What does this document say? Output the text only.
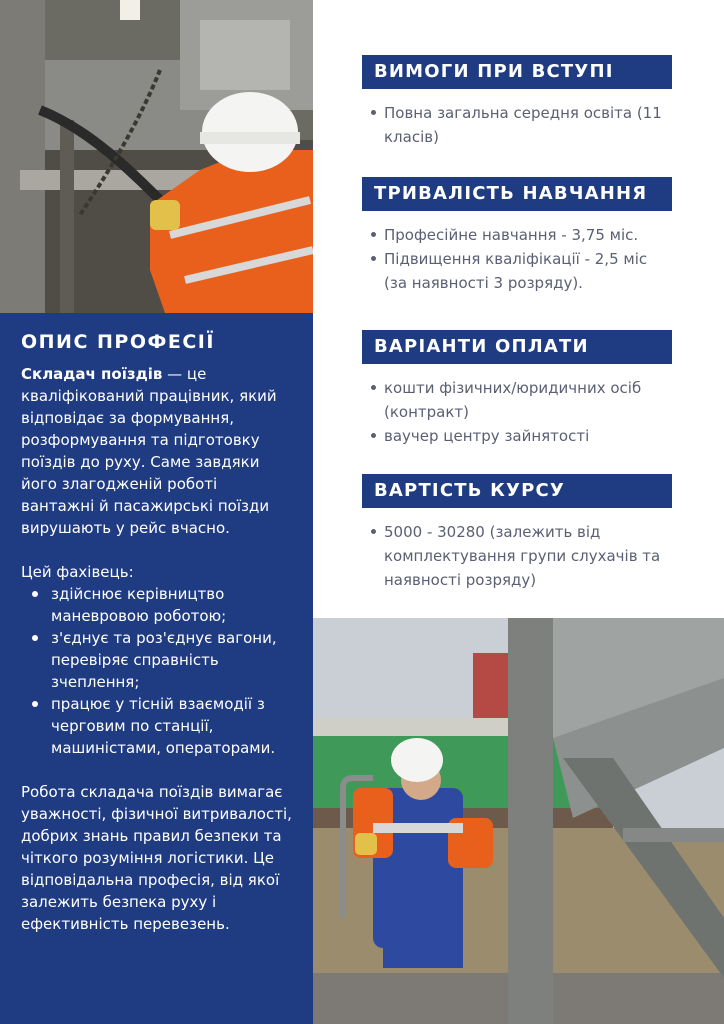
ОПИС ПРОФЕСІЇ

Складач поїздів — це кваліфікований працівник, який відповідає за формування, розформування та підготовку поїздів до руху. Саме завдяки його злагодженій роботі вантажні й пасажирські поїзди вирушають у рейс вчасно.

Цей фахівець:

здійснює керівництво маневровою роботою;
з'єднує та роз'єднує вагони, перевіряє справність зчеплення;
працює у тісній взаємодії з черговим по станції, машиністами, операторами.

Робота складача поїздів вимагає уважності, фізичної витривалості, добрих знань правил безпеки та чіткого розуміння логістики. Це відповідальна професія, від якої залежить безпека руху і ефективність перевезень.

ВИМОГИ ПРИ ВСТУПІ
Повна загальна середня освіта (11 класів)
ТРИВАЛІСТЬ НАВЧАННЯ
Професійне навчання - 3,75 міс.
Підвищення кваліфікації - 2,5 міс (за наявності 3 розряду).
ВАРІАНТИ ОПЛАТИ
кошти фізичних/юридичних осіб (контракт)
ваучер центру зайнятості
ВАРТІСТЬ КУРСУ
5000 - 30280 (залежить від комплектування групи слухачів та наявності розряду)
